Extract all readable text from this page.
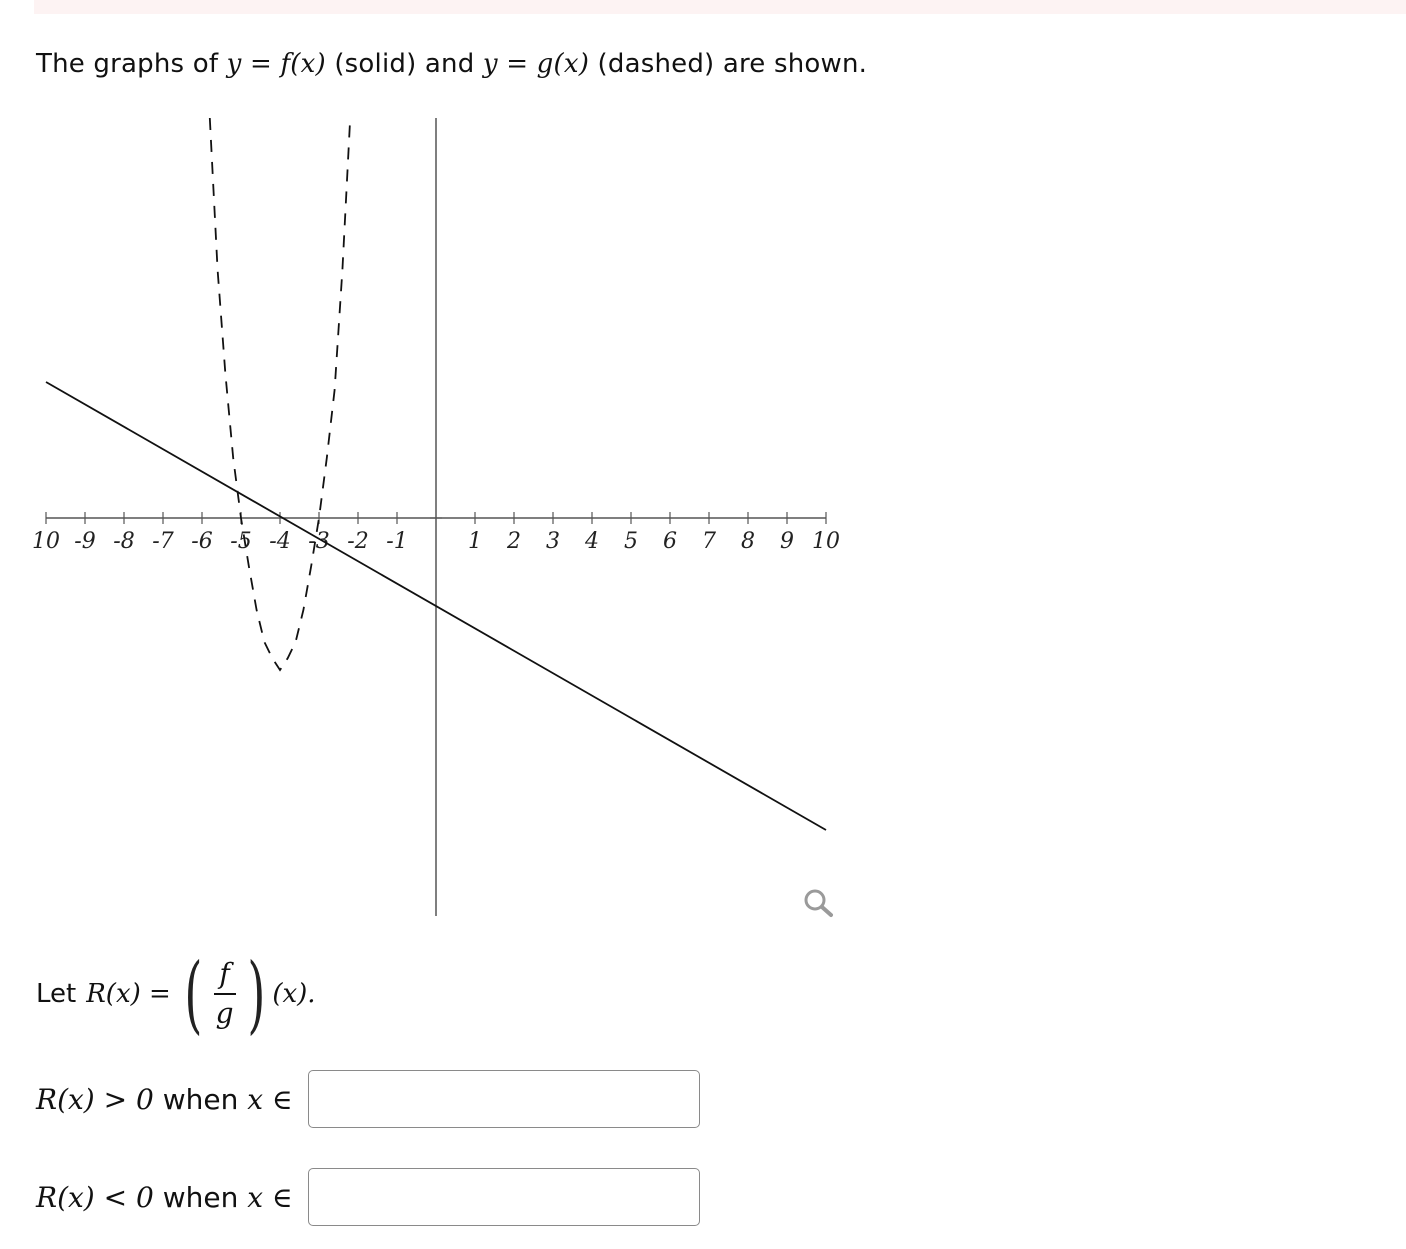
The graphs of y = f(x) (solid) and y = g(x) (dashed) are shown.
10 -9 -8 -7 -6 -5 -4 -3 -2 -1	1 2 3 4 5 6 7 8 9 10
Let R(x) = ( $\frac{f}{g}$ ) (x).
R(x) > 0 when x ∈
R(x) < 0 when x ∈
